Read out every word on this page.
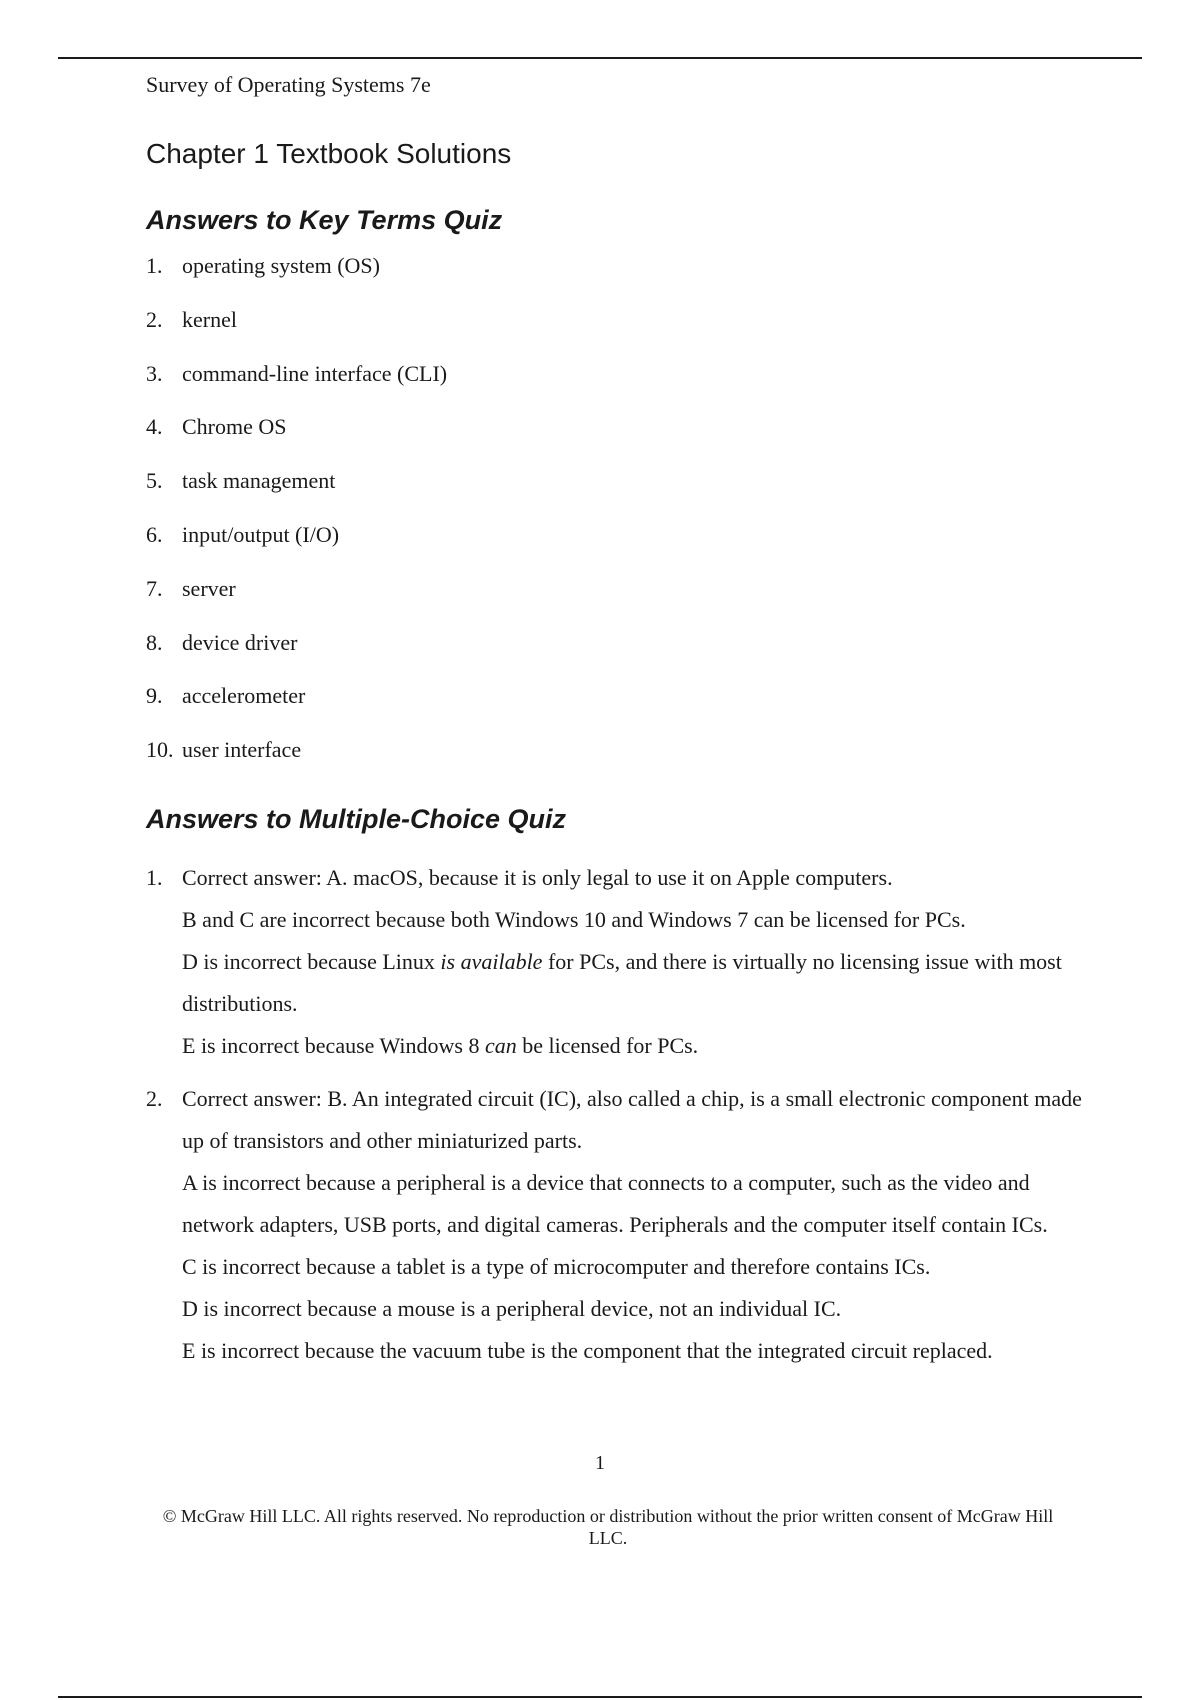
Survey of Operating Systems 7e

Chapter 1 Textbook Solutions
Answers to Key Terms Quiz
1. operating system (OS)
2. kernel
3. command-line interface (CLI)
4. Chrome OS
5. task management
6. input/output (I/O)
7. server
8. device driver
9. accelerometer
10. user interface
Answers to Multiple-Choice Quiz
1. Correct answer: A. macOS, because it is only legal to use it on Apple computers.

B and C are incorrect because both Windows 10 and Windows 7 can be licensed for PCs.

D is incorrect because Linux is available for PCs, and there is virtually no licensing issue with most distributions.

E is incorrect because Windows 8 can be licensed for PCs.

2. Correct answer: B. An integrated circuit (IC), also called a chip, is a small electronic component made up of transistors and other miniaturized parts.

A is incorrect because a peripheral is a device that connects to a computer, such as the video and network adapters, USB ports, and digital cameras. Peripherals and the computer itself contain ICs.

C is incorrect because a tablet is a type of microcomputer and therefore contains ICs.

D is incorrect because a mouse is a peripheral device, not an individual IC.

E is incorrect because the vacuum tube is the component that the integrated circuit replaced.

1

© McGraw Hill LLC. All rights reserved. No reproduction or distribution without the prior written consent of McGraw Hill LLC.
